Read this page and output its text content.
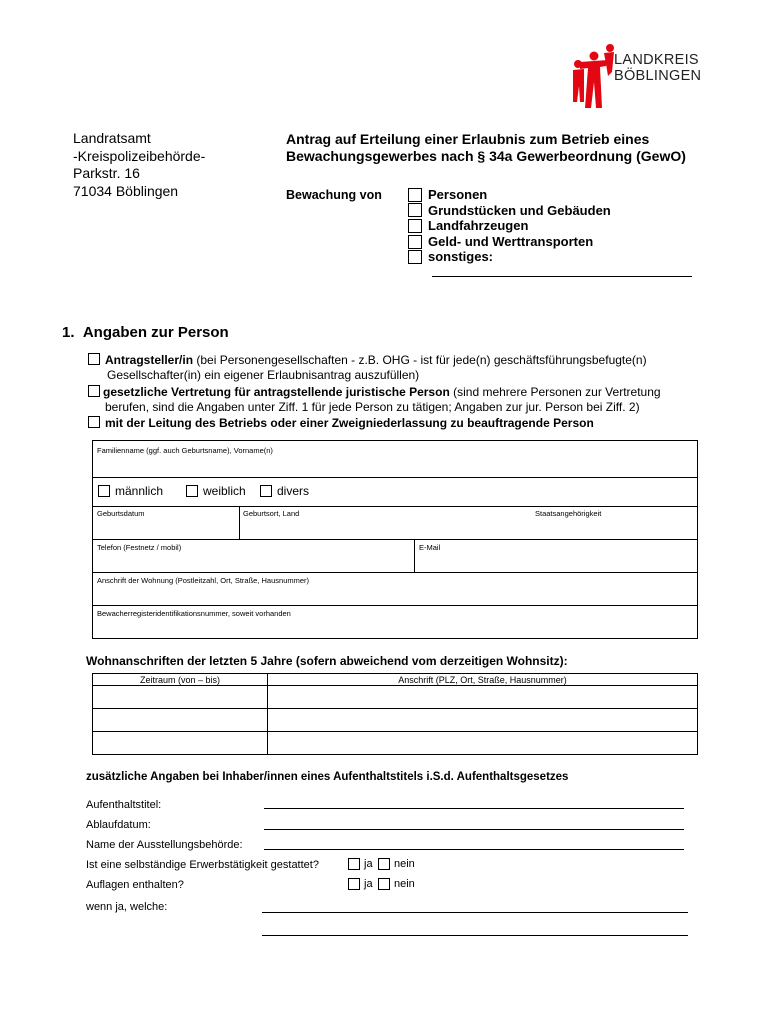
LANDKREIS
BÖBLINGEN
Landratsamt
-Kreispolizeibehörde-
Parkstr. 16
71034 Böblingen
Antrag auf Erteilung einer Erlaubnis zum Betrieb eines Bewachungsgewerbes nach § 34a Gewerbeordnung (GewO)
Bewachung von	Personen
Grundstücken und Gebäuden
Landfahrzeugen
Geld- und Werttransporten
sonstiges:
1.  Angaben zur Person
Antragsteller/in (bei Personengesellschaften - z.B. OHG - ist für jede(n) geschäftsführungsbefugte(n)
Gesellschafter(in) ein eigener Erlaubnisantrag auszufüllen)
gesetzliche Vertretung für antragstellende juristische Person (sind mehrere Personen zur Vertretung
berufen, sind die Angaben unter Ziff. 1 für jede Person zu tätigen; Angaben zur jur. Person bei Ziff. 2)
mit der Leitung des Betriebs oder einer Zweigniederlassung zu beauftragende Person
Familienname (ggf. auch Geburtsname), Vorname(n)
männlich	weiblich	divers
Geburtsdatum	Geburtsort, Land	Staatsangehörigkeit
Telefon (Festnetz / mobil)	E-Mail
Anschrift der Wohnung (Postleitzahl, Ort, Straße, Hausnummer)
Bewacherregisteridentifikationsnummer, soweit vorhanden
Wohnanschriften der letzten 5 Jahre (sofern abweichend vom derzeitigen Wohnsitz):
Zeitraum (von – bis)	Anschrift (PLZ, Ort, Straße, Hausnummer)

zusätzliche Angaben bei Inhaber/innen eines Aufenthaltstitels i.S.d. Aufenthaltsgesetzes
Aufenthaltstitel:
Ablaufdatum:
Name der Ausstellungsbehörde:
Ist eine selbständige Erwerbstätigkeit gestattet?	ja nein
Auflagen enthalten?	ja nein
wenn ja, welche:
